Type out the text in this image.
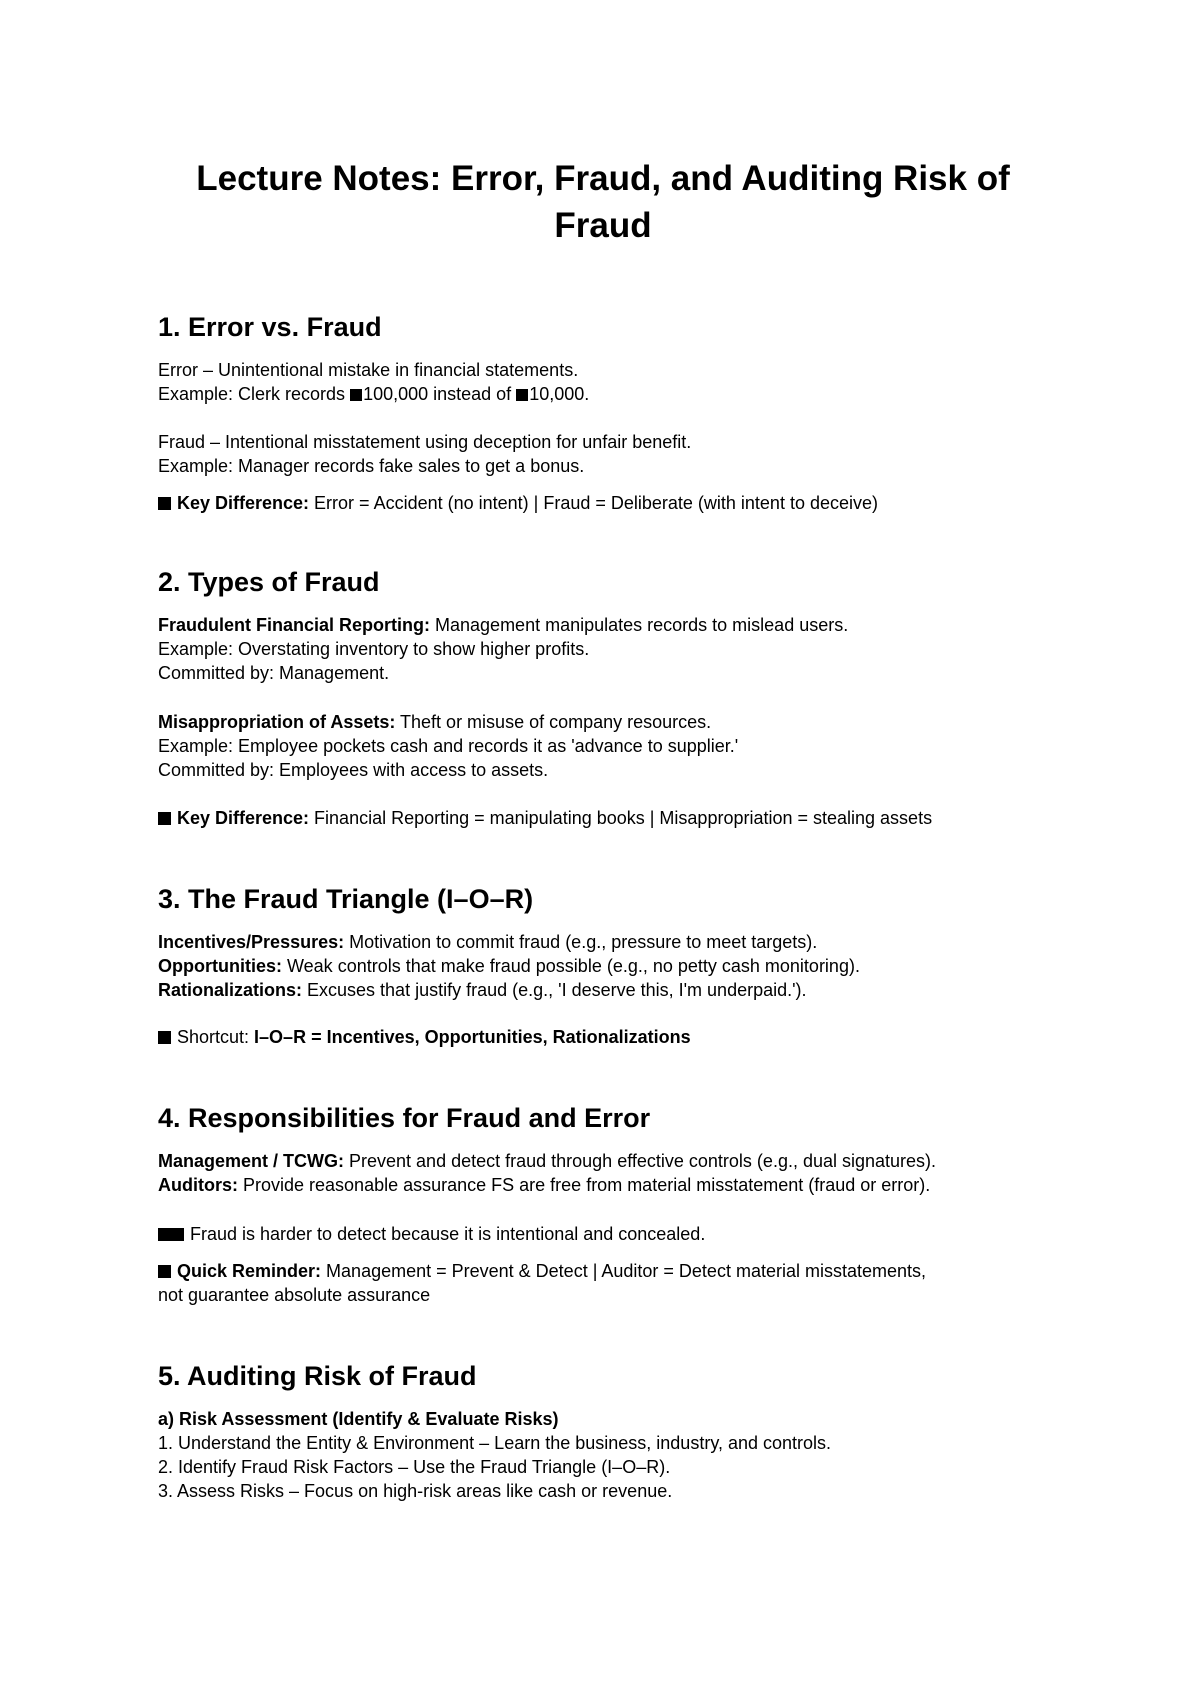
Lecture Notes: Error, Fraud, and Auditing Risk of Fraud
1. Error vs. Fraud

Error – Unintentional mistake in financial statements.

Example: Clerk records 100,000 instead of 10,000.

Fraud – Intentional misstatement using deception for unfair benefit.

Example: Manager records fake sales to get a bonus.

Key Difference: Error = Accident (no intent) | Fraud = Deliberate (with intent to deceive)

2. Types of Fraud

Fraudulent Financial Reporting: Management manipulates records to mislead users.

Example: Overstating inventory to show higher profits.

Committed by: Management.

Misappropriation of Assets: Theft or misuse of company resources.

Example: Employee pockets cash and records it as 'advance to supplier.'

Committed by: Employees with access to assets.

Key Difference: Financial Reporting = manipulating books | Misappropriation = stealing assets

3. The Fraud Triangle (I–O–R)

Incentives/Pressures: Motivation to commit fraud (e.g., pressure to meet targets).

Opportunities: Weak controls that make fraud possible (e.g., no petty cash monitoring).

Rationalizations: Excuses that justify fraud (e.g., 'I deserve this, I'm underpaid.').

Shortcut: I–O–R = Incentives, Opportunities, Rationalizations

4. Responsibilities for Fraud and Error

Management / TCWG: Prevent and detect fraud through effective controls (e.g., dual signatures).

Auditors: Provide reasonable assurance FS are free from material misstatement (fraud or error).

Fraud is harder to detect because it is intentional and concealed.

Quick Reminder: Management = Prevent & Detect | Auditor = Detect material misstatements,

not guarantee absolute assurance

5. Auditing Risk of Fraud

a) Risk Assessment (Identify & Evaluate Risks)

1. Understand the Entity & Environment – Learn the business, industry, and controls.

2. Identify Fraud Risk Factors – Use the Fraud Triangle (I–O–R).

3. Assess Risks – Focus on high-risk areas like cash or revenue.
